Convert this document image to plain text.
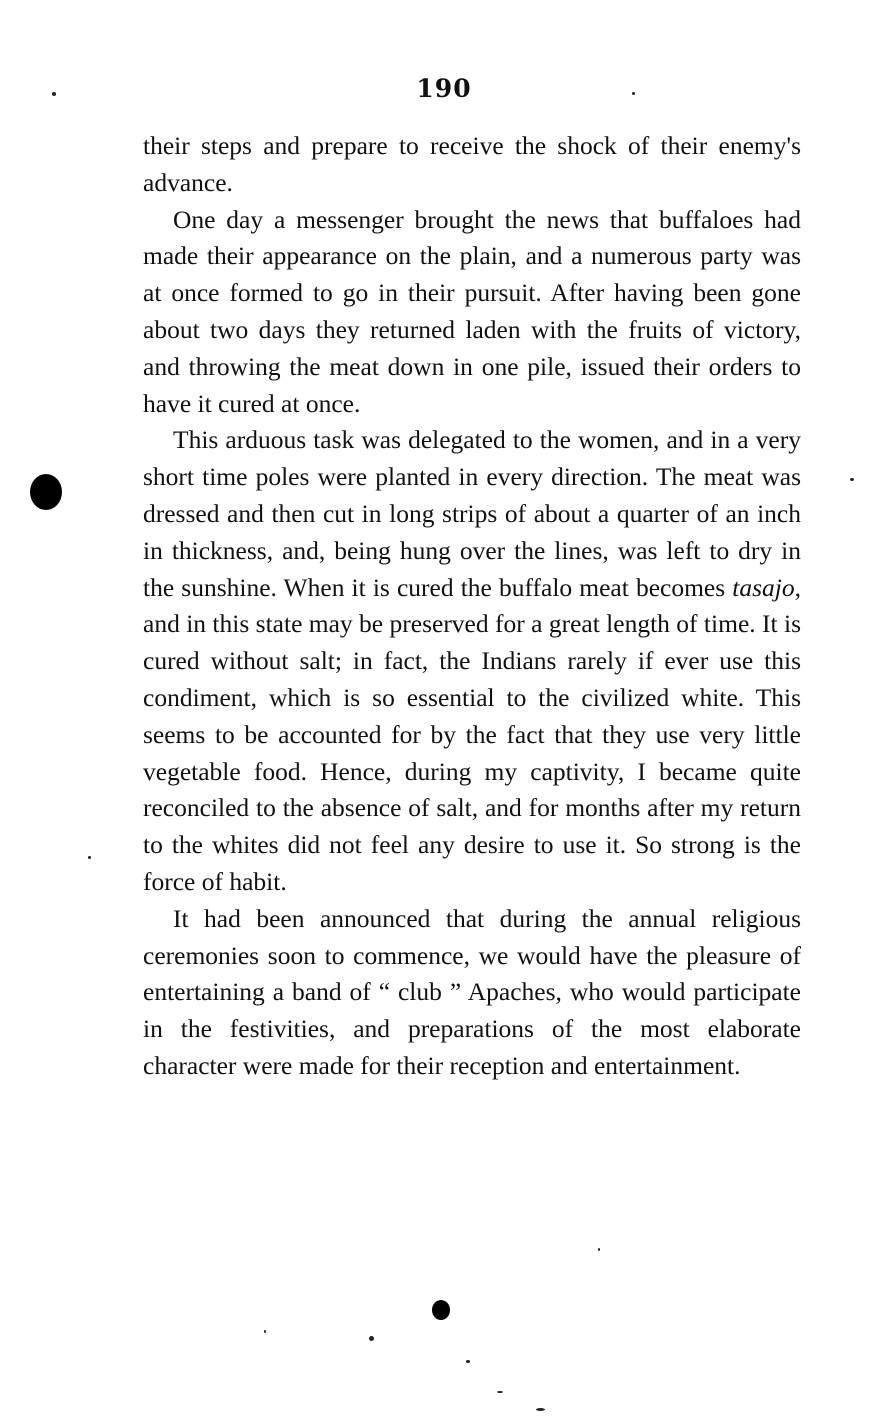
190

their steps and prepare to receive the shock of their enemy's advance.

One day a messenger brought the news that buffaloes had made their appearance on the plain, and a numerous party was at once formed to go in their pursuit. After having been gone about two days they returned laden with the fruits of victory, and throwing the meat down in one pile, issued their orders to have it cured at once.

This arduous task was delegated to the women, and in a very short time poles were planted in every direction. The meat was dressed and then cut in long strips of about a quarter of an inch in thickness, and, being hung over the lines, was left to dry in the sunshine. When it is cured the buffalo meat becomes tasajo, and in this state may be preserved for a great length of time. It is cured without salt; in fact, the Indians rarely if ever use this condiment, which is so essential to the civilized white. This seems to be accounted for by the fact that they use very little vegetable food. Hence, during my captivity, I became quite reconciled to the absence of salt, and for months after my return to the whites did not feel any desire to use it. So strong is the force of habit.

It had been announced that during the annual religious ceremonies soon to commence, we would have the pleasure of entertaining a band of “ club ” Apaches, who would participate in the festivities, and preparations of the most elaborate character were made for their reception and entertainment.
